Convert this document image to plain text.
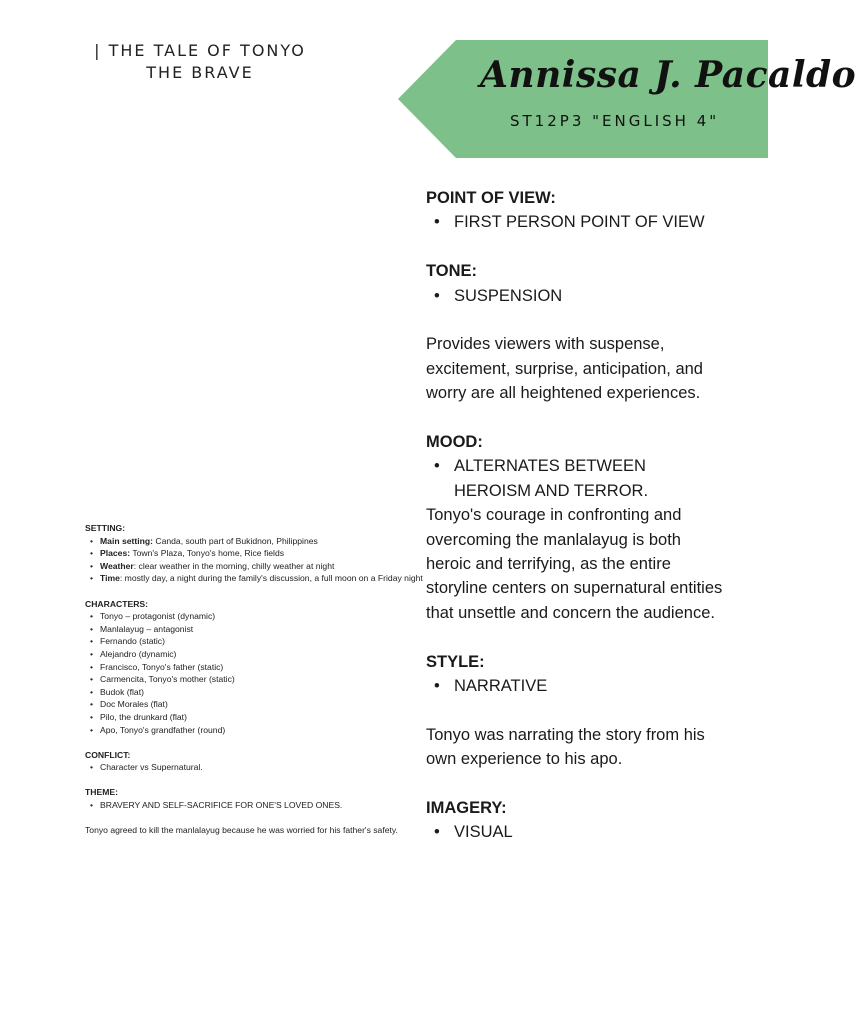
| THE TALE OF TONYO
THE BRAVE	Annissa J. Pacaldo
ST12P3 "ENGLISH 4"
POINT OF VIEW:
• FIRST PERSON POINT OF VIEW
TONE:
• SUSPENSION

Provides viewers with suspense, excitement, surprise, anticipation, and worry are all heightened experiences.

MOOD:
• ALTERNATES BETWEEN HEROISM AND TERROR.

Tonyo's courage in confronting and overcoming the manlalayug is both heroic and terrifying, as the entire storyline centers on supernatural entities that unsettle and concern the audience.

STYLE:
• NARRATIVE

Tonyo was narrating the story from his own experience to his apo.

IMAGERY:
• VISUAL
SETTING:
• Main setting: Canda, south part of Bukidnon, Philippines
• Places: Town's Plaza, Tonyo's home, Rice fields
• Weather: clear weather in the morning, chilly weather at night
• Time: mostly day, a night during the family's discussion, a full moon on a Friday night
CHARACTERS:
• Tonyo – protagonist (dynamic)
• Manlalayug – antagonist
• Fernando (static)
• Alejandro (dynamic)
• Francisco, Tonyo's father (static)
• Carmencita, Tonyo's mother (static)
• Budok (flat)
• Doc Morales (flat)
• Pilo, the drunkard (flat)
• Apo, Tonyo's grandfather (round)
CONFLICT:
• Character vs Supernatural.
THEME:
• BRAVERY AND SELF-SACRIFICE FOR ONE'S LOVED ONES.

Tonyo agreed to kill the manlalayug because he was worried for his father's safety.
